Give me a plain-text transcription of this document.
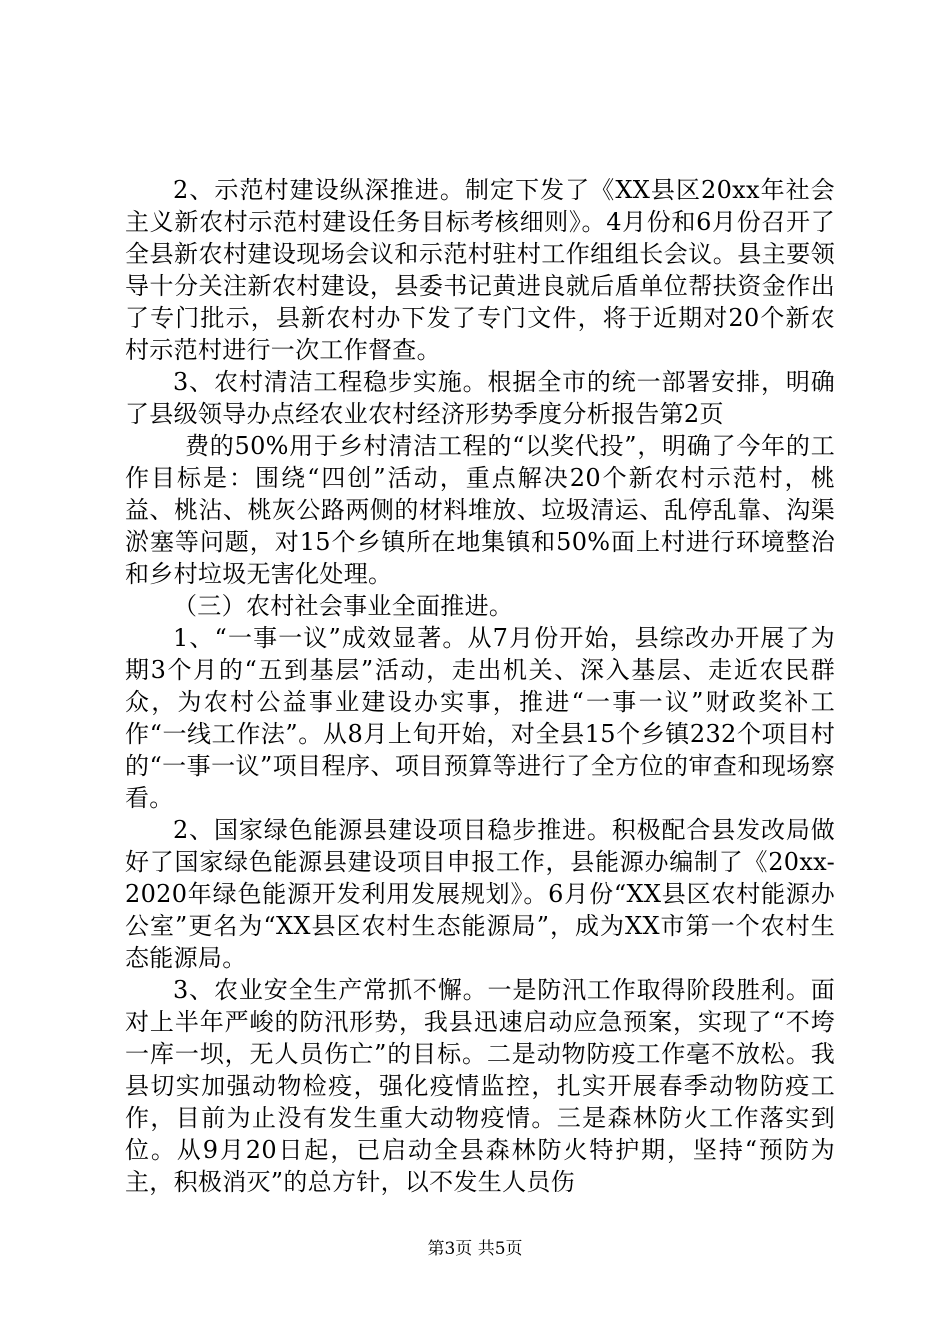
2、示范村建设纵深推进。制定下发了《XX县区20xx年社会主义新农村示范村建设任务目标考核细则》。4月份和6月份召开了全县新农村建设现场会议和示范村驻村工作组组长会议。县主要领导十分关注新农村建设，县委书记黄进良就后盾单位帮扶资金作出了专门批示，县新农村办下发了专门文件，将于近期对20个新农村示范村进行一次工作督查。

3、农村清洁工程稳步实施。根据全市的统一部署安排，明确了县级领导办点经农业农村经济形势季度分析报告第2页

费的50%用于乡村清洁工程的“以奖代投”，明确了今年的工作目标是：围绕“四创”活动，重点解决20个新农村示范村，桃益、桃沾、桃灰公路两侧的材料堆放、垃圾清运、乱停乱靠、沟渠淤塞等问题，对15个乡镇所在地集镇和50%面上村进行环境整治和乡村垃圾无害化处理。

（三）农村社会事业全面推进。

1、“一事一议”成效显著。从7月份开始，县综改办开展了为期3个月的“五到基层”活动，走出机关、深入基层、走近农民群众，为农村公益事业建设办实事，推进“一事一议”财政奖补工作“一线工作法”。从8月上旬开始，对全县15个乡镇232个项目村的“一事一议”项目程序、项目预算等进行了全方位的审查和现场察看。

2、国家绿色能源县建设项目稳步推进。积极配合县发改局做好了国家绿色能源县建设项目申报工作，县能源办编制了《20xx-2020年绿色能源开发利用发展规划》。6月份“XX县区农村能源办公室”更名为“XX县区农村生态能源局”，成为XX市第一个农村生态能源局。

3、农业安全生产常抓不懈。一是防汛工作取得阶段胜利。面对上半年严峻的防汛形势，我县迅速启动应急预案，实现了“不垮一库一坝，无人员伤亡”的目标。二是动物防疫工作毫不放松。我县切实加强动物检疫，强化疫情监控，扎实开展春季动物防疫工作，目前为止没有发生重大动物疫情。三是森林防火工作落实到位。从9月20日起，已启动全县森林防火特护期，坚持“预防为主，积极消灭”的总方针，以不发生人员伤

第3页 共5页
